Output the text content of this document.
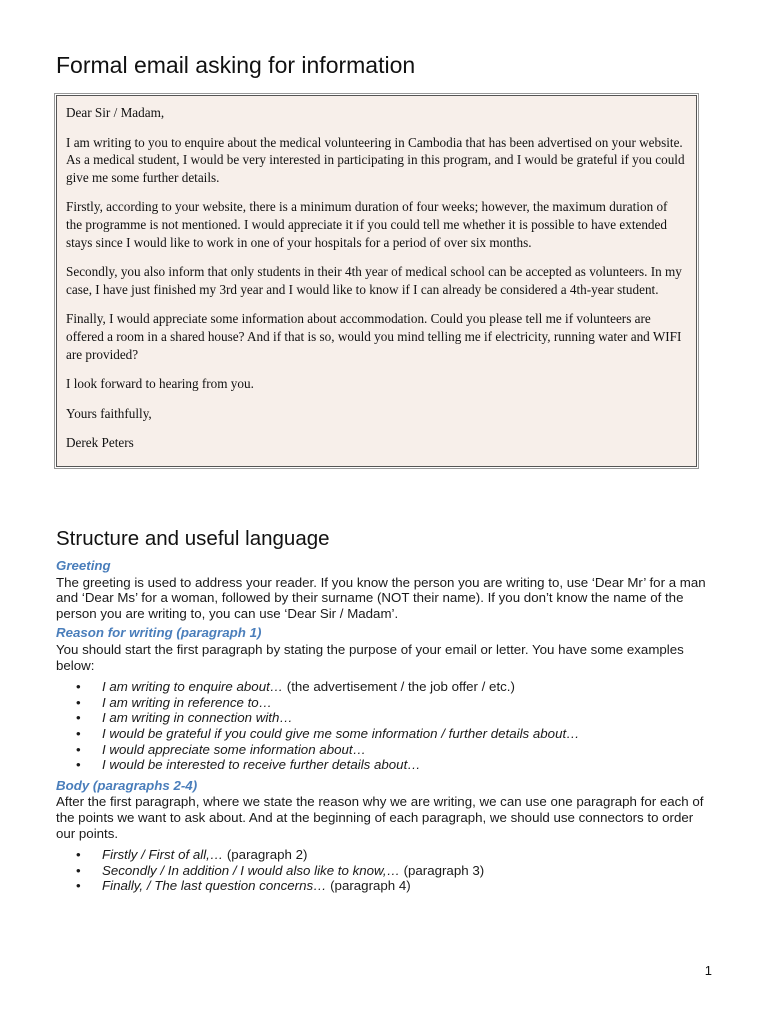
Formal email asking for information

Dear Sir / Madam,

I am writing to you to enquire about the medical volunteering in Cambodia that has been advertised on your website. As a medical student, I would be very interested in participating in this program, and I would be grateful if you could give me some further details.

Firstly, according to your website, there is a minimum duration of four weeks; however, the maximum duration of the programme is not mentioned. I would appreciate it if you could tell me whether it is possible to have extended stays since I would like to work in one of your hospitals for a period of over six months.

Secondly, you also inform that only students in their 4th year of medical school can be accepted as volunteers. In my case, I have just finished my 3rd year and I would like to know if I can already be considered a 4th-year student.

Finally, I would appreciate some information about accommodation. Could you please tell me if volunteers are offered a room in a shared house? And if that is so, would you mind telling me if electricity, running water and WIFI are provided?

I look forward to hearing from you.

Yours faithfully,

Derek Peters

Structure and useful language
Greeting

The greeting is used to address your reader. If you know the person you are writing to, use ‘Dear Mr’ for a man and ‘Dear Ms’ for a woman, followed by their surname (NOT their name). If you don’t know the name of the person you are writing to, you can use ‘Dear Sir / Madam’.

Reason for writing (paragraph 1)

You should start the first paragraph by stating the purpose of your email or letter. You have some examples below:

• I am writing to enquire about… (the advertisement / the job offer / etc.)
• I am writing in reference to…
• I am writing in connection with…
• I would be grateful if you could give me some information / further details about…
• I would appreciate some information about…
• I would be interested to receive further details about…
Body (paragraphs 2-4)

After the first paragraph, where we state the reason why we are writing, we can use one paragraph for each of the points we want to ask about. And at the beginning of each paragraph, we should use connectors to order our points.

• Firstly / First of all,… (paragraph 2)
• Secondly / In addition / I would also like to know,… (paragraph 3)
• Finally, / The last question concerns… (paragraph 4)
1
